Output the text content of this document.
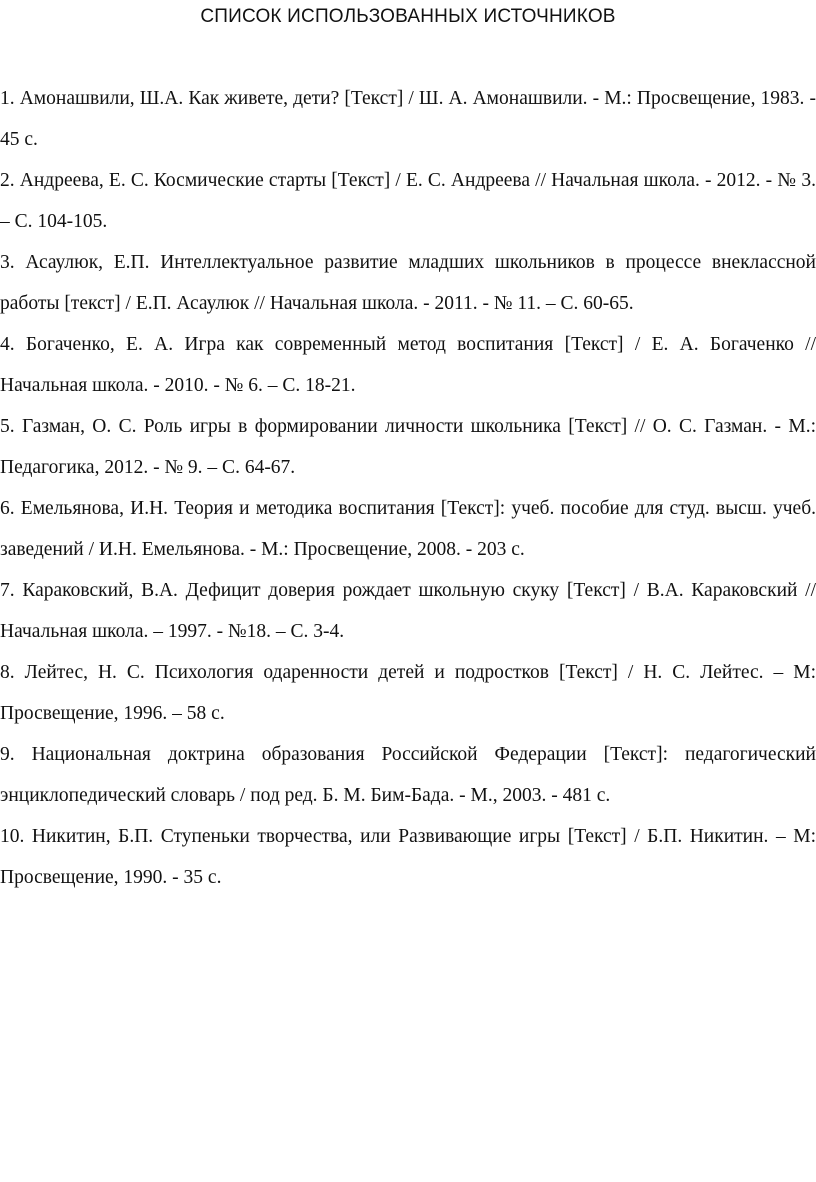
СПИСОК ИСПОЛЬЗОВАННЫХ ИСТОЧНИКОВ
1. Амонашвили, Ш.А. Как живете, дети? [Текст] / Ш. А. Амонашвили. - М.: Просвещение, 1983. - 45 с.
2. Андреева, Е. С. Космические старты [Текст] / Е. С. Андреева // Начальная школа. - 2012. - № 3. – С. 104-105.
3. Асаулюк, Е.П. Интеллектуальное развитие младших школьников в процессе внеклассной работы [текст] / Е.П. Асаулюк // Начальная школа. - 2011. - № 11. – С. 60-65.
4. Богаченко, Е. А. Игра как современный метод воспитания [Текст] / Е. А. Богаченко // Начальная школа. - 2010. - № 6. – С. 18-21.
5. Газман, О. С. Роль игры в формировании личности школьника [Текст] // О. С. Газман. - М.: Педагогика, 2012. - № 9. – С. 64-67.
6. Емельянова, И.Н. Теория и методика воспитания [Текст]: учеб. пособие для студ. высш. учеб. заведений / И.Н. Емельянова. - М.: Просвещение, 2008. - 203 с.
7. Караковский, В.А. Дефицит доверия рождает школьную скуку [Текст] / В.А. Караковский // Начальная школа. – 1997. - №18. – С. 3-4.
8. Лейтес, Н. С. Психология одаренности детей и подростков [Текст] / Н. С. Лейтес. – М: Просвещение, 1996. – 58 с.
9. Национальная доктрина образования Российской Федерации [Текст]: педагогический энциклопедический словарь / под ред. Б. М. Бим-Бада. - М., 2003. - 481 с.
10. Никитин, Б.П. Ступеньки творчества, или Развивающие игры [Текст] / Б.П. Никитин. – М: Просвещение, 1990. - 35 с.
